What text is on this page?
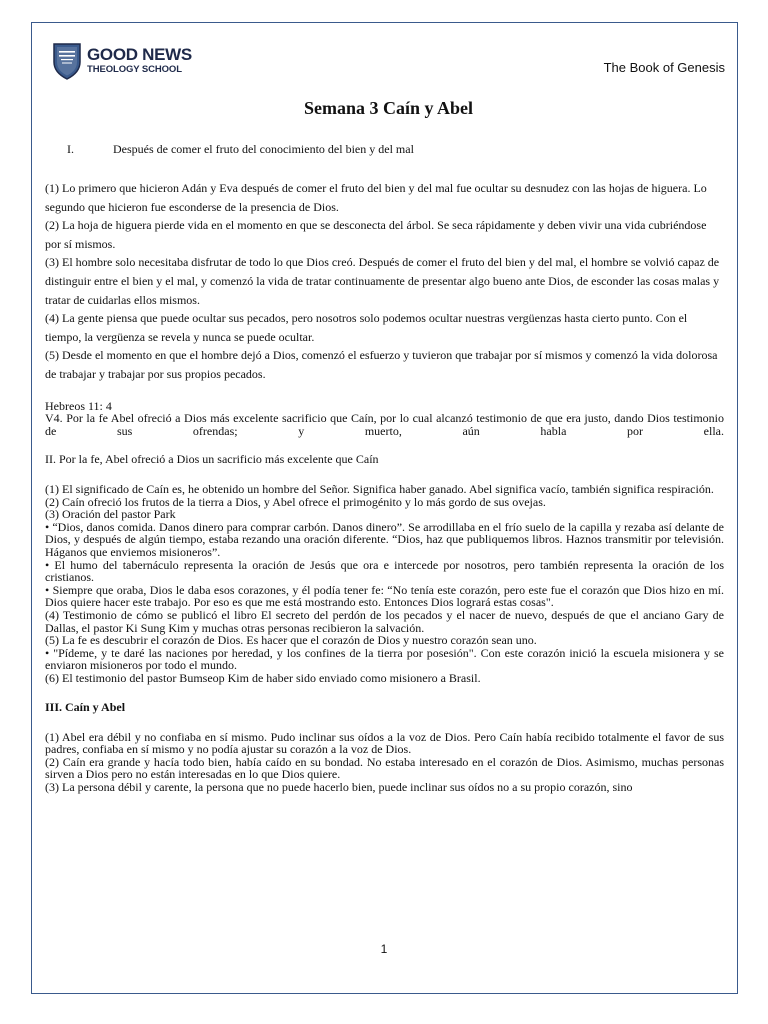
GOOD NEWS
THEOLOGY SCHOOL	The Book of Genesis
Semana 3 Caín y Abel
I.	Después de comer el fruto del conocimiento del bien y del mal

(1) Lo primero que hicieron Adán y Eva después de comer el fruto del bien y del mal fue ocultar su desnudez con las hojas de higuera. Lo segundo que hicieron fue esconderse de la presencia de Dios.

(2) La hoja de higuera pierde vida en el momento en que se desconecta del árbol. Se seca rápidamente y deben vivir una vida cubriéndose por sí mismos.

(3) El hombre solo necesitaba disfrutar de todo lo que Dios creó. Después de comer el fruto del bien y del mal, el hombre se volvió capaz de distinguir entre el bien y el mal, y comenzó la vida de tratar continuamente de presentar algo bueno ante Dios, de esconder las cosas malas y tratar de cuidarlas ellos mismos.

(4) La gente piensa que puede ocultar sus pecados, pero nosotros solo podemos ocultar nuestras vergüenzas hasta cierto punto. Con el tiempo, la vergüenza se revela y nunca se puede ocultar.

(5) Desde el momento en que el hombre dejó a Dios, comenzó el esfuerzo y tuvieron que trabajar por sí mismos y comenzó la vida dolorosa de trabajar y trabajar por sus propios pecados.

Hebreos 11: 4

V4. Por la fe Abel ofreció a Dios más excelente sacrificio que Caín, por lo cual alcanzó testimonio de que era justo, dando Dios testimonio de sus ofrendas; y muerto, aún habla por ella.

II. Por la fe, Abel ofreció a Dios un sacrificio más excelente que Caín

(1) El significado de Caín es, he obtenido un hombre del Señor. Significa haber ganado. Abel significa vacío, también significa respiración.

(2) Caín ofreció los frutos de la tierra a Dios, y Abel ofrece el primogénito y lo más gordo de sus ovejas.

(3) Oración del pastor Park

• “Dios, danos comida. Danos dinero para comprar carbón. Danos dinero”. Se arrodillaba en el frío suelo de la capilla y rezaba así delante de Dios, y después de algún tiempo, estaba rezando una oración diferente. “Dios, haz que publiquemos libros. Haznos transmitir por televisión. Háganos que enviemos misioneros”.

• El humo del tabernáculo representa la oración de Jesús que ora e intercede por nosotros, pero también representa la oración de los cristianos.

• Siempre que oraba, Dios le daba esos corazones, y él podía tener fe: “No tenía este corazón, pero este fue el corazón que Dios hizo en mí. Dios quiere hacer este trabajo. Por eso es que me está mostrando esto. Entonces Dios logrará estas cosas".

(4) Testimonio de cómo se publicó el libro El secreto del perdón de los pecados y el nacer de nuevo, después de que el anciano Gary de Dallas, el pastor Ki Sung Kim y muchas otras personas recibieron la salvación.

(5) La fe es descubrir el corazón de Dios. Es hacer que el corazón de Dios y nuestro corazón sean uno.

• "Pídeme, y te daré las naciones por heredad, y los confines de la tierra por posesión". Con este corazón inició la escuela misionera y se enviaron misioneros por todo el mundo.

(6) El testimonio del pastor Bumseop Kim de haber sido enviado como misionero a Brasil.

III. Caín y Abel

(1) Abel era débil y no confiaba en sí mismo. Pudo inclinar sus oídos a la voz de Dios. Pero Caín había recibido totalmente el favor de sus padres, confiaba en sí mismo y no podía ajustar su corazón a la voz de Dios.

(2) Caín era grande y hacía todo bien, había caído en su bondad. No estaba interesado en el corazón de Dios. Asimismo, muchas personas sirven a Dios pero no están interesadas en lo que Dios quiere.

(3) La persona débil y carente, la persona que no puede hacerlo bien, puede inclinar sus oídos no a su propio corazón, sino

1
